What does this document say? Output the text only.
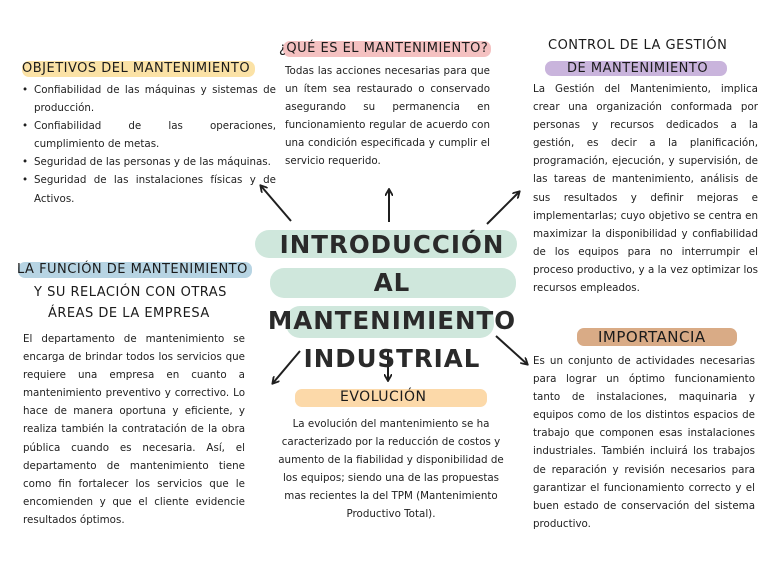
INTRODUCCIÓN AL
MANTENIMIENTO
INDUSTRIAL
OBJETIVOS DEL MANTENIMIENTO
• Confiabilidad de las máquinas y sistemas de producción.
• Confiabilidad de las operaciones, cumplimiento de metas.
• Seguridad de las personas y de las máquinas.
• Seguridad de las instalaciones físicas y de Activos.
¿QUÉ ES EL MANTENIMIENTO?

Todas las acciones necesarias para que un ítem sea restaurado o conservado asegurando su permanencia en funcionamiento regular de acuerdo con una condición especificada y cumplir el servicio requerido.

CONTROL DE LA GESTIÓN
DE MANTENIMIENTO

La Gestión del Mantenimiento, implica crear una organización conformada por personas y recursos dedicados a la gestión, es decir a la planificación, programación, ejecución, y supervisión, de las tareas de mantenimiento, análisis de sus resultados y definir mejoras e implementarlas; cuyo objetivo se centra en maximizar la disponibilidad y confiabilidad de los equipos para no interrumpir el proceso productivo, y a la vez optimizar los recursos empleados.

LA FUNCIÓN DE MANTENIMIENTO
Y SU RELACIÓN CON OTRAS
ÁREAS DE LA EMPRESA

El departamento de mantenimiento se encarga de brindar todos los servicios que requiere una empresa en cuanto a mantenimiento preventivo y correctivo. Lo hace de manera oportuna y eficiente, y realiza también la contratación de la obra pública cuando es necesaria. Así, el departamento de mantenimiento tiene como fin fortalecer los servicios que le encomienden y que el cliente evidencie resultados óptimos.

EVOLUCIÓN

La evolución del mantenimiento se ha caracterizado por la reducción de costos y aumento de la fiabilidad y disponibilidad de los equipos; siendo una de las propuestas mas recientes la del TPM (Mantenimiento Productivo Total).

IMPORTANCIA

Es un conjunto de actividades necesarias para lograr un óptimo funcionamiento tanto de instalaciones, maquinaria y equipos como de los distintos espacios de trabajo que componen esas instalaciones industriales. También incluirá los trabajos de reparación y revisión necesarios para garantizar el funcionamiento correcto y el buen estado de conservación del sistema productivo.
